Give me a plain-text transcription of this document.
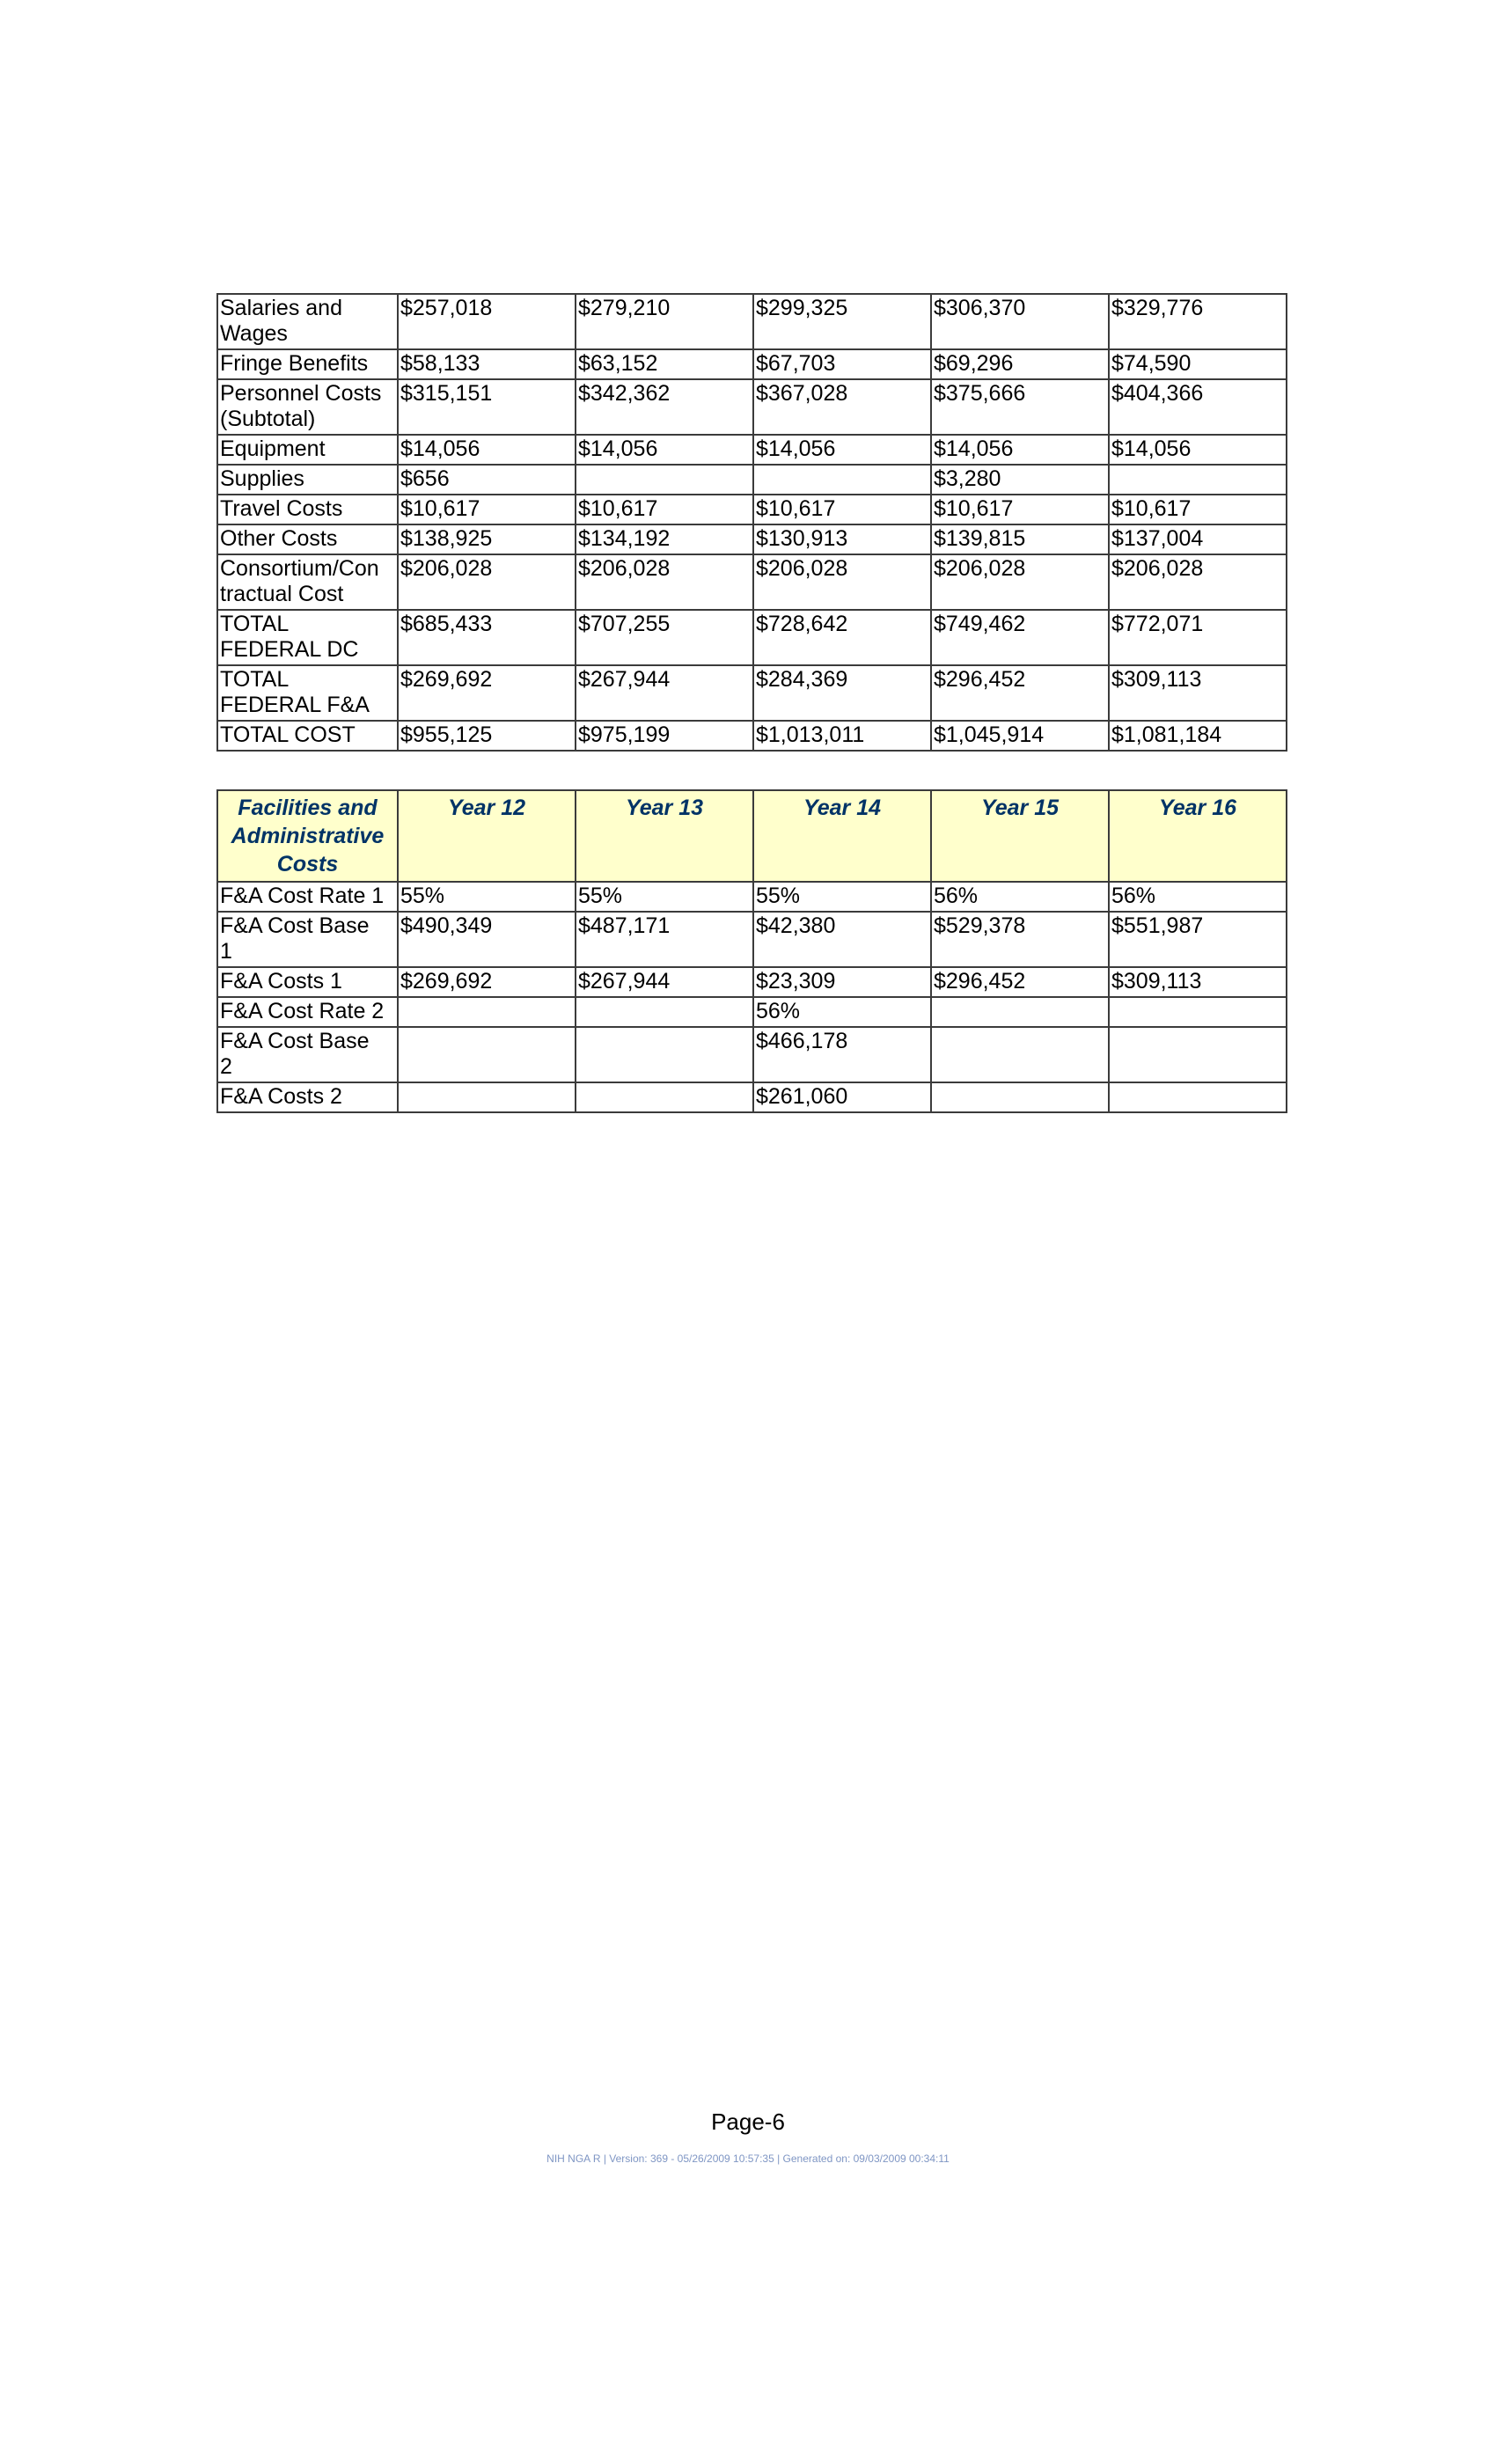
Salaries and Wages	$257,018	$279,210	$299,325	$306,370	$329,776
Fringe Benefits	$58,133	$63,152	$67,703	$69,296	$74,590
Personnel Costs (Subtotal)	$315,151	$342,362	$367,028	$375,666	$404,366
Equipment	$14,056	$14,056	$14,056	$14,056	$14,056
Supplies	$656			$3,280	
Travel Costs	$10,617	$10,617	$10,617	$10,617	$10,617
Other Costs	$138,925	$134,192	$130,913	$139,815	$137,004
Consortium/Contractual Cost	$206,028	$206,028	$206,028	$206,028	$206,028
TOTAL FEDERAL DC	$685,433	$707,255	$728,642	$749,462	$772,071
TOTAL FEDERAL F&A	$269,692	$267,944	$284,369	$296,452	$309,113
TOTAL COST	$955,125	$975,199	$1,013,011	$1,045,914	$1,081,184
Facilities and Administrative Costs	Year 12	Year 13	Year 14	Year 15	Year 16
F&A Cost Rate 1	55%	55%	55%	56%	56%
F&A Cost Base 1	$490,349	$487,171	$42,380	$529,378	$551,987
F&A Costs 1	$269,692	$267,944	$23,309	$296,452	$309,113
F&A Cost Rate 2			56%		
F&A Cost Base 2			$466,178		
F&A Costs 2			$261,060		
Page-6
NIH NGA R | Version: 369 - 05/26/2009 10:57:35 | Generated on: 09/03/2009 00:34:11
